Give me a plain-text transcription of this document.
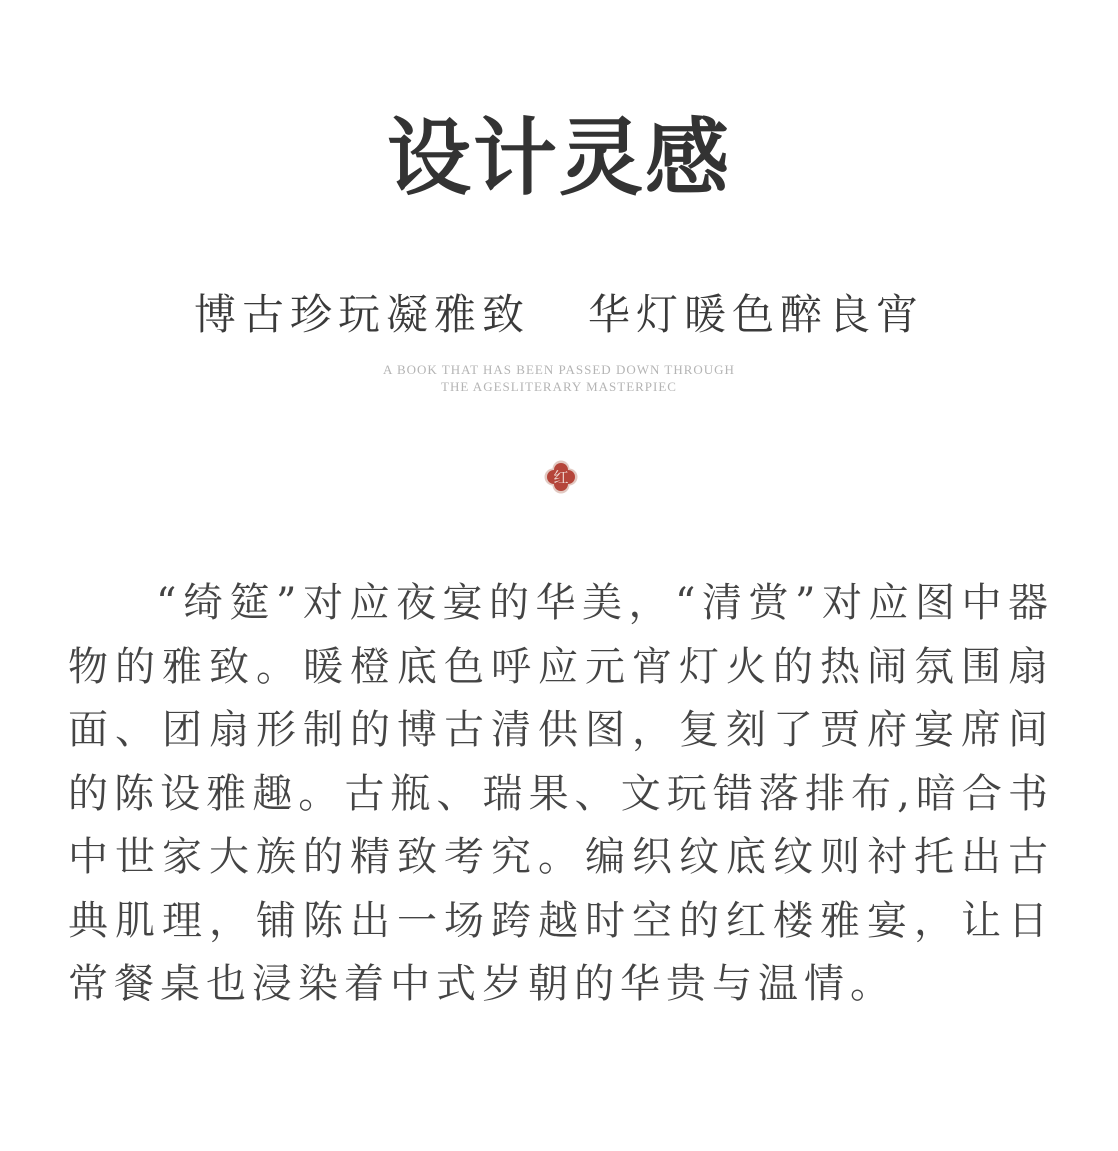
设计灵感
博古珍玩凝雅致   华灯暖色醉良宵
A BOOK THAT HAS BEEN PASSED DOWN THROUGH
THE AGESLITERARY MASTERPIEC
红
“绮筵”对应夜宴的华美，“清赏”对应图中器物的雅致。暖橙底色呼应元宵灯火的热闹氛围扇面、团扇形制的博古清供图，复刻了贾府宴席间的陈设雅趣。古瓶、瑞果、文玩错落排布,暗合书中世家大族的精致考究。编织纹底纹则衬托出古典肌理，铺陈出一场跨越时空的红楼雅宴，让日常餐桌也浸染着中式岁朝的华贵与温情。
